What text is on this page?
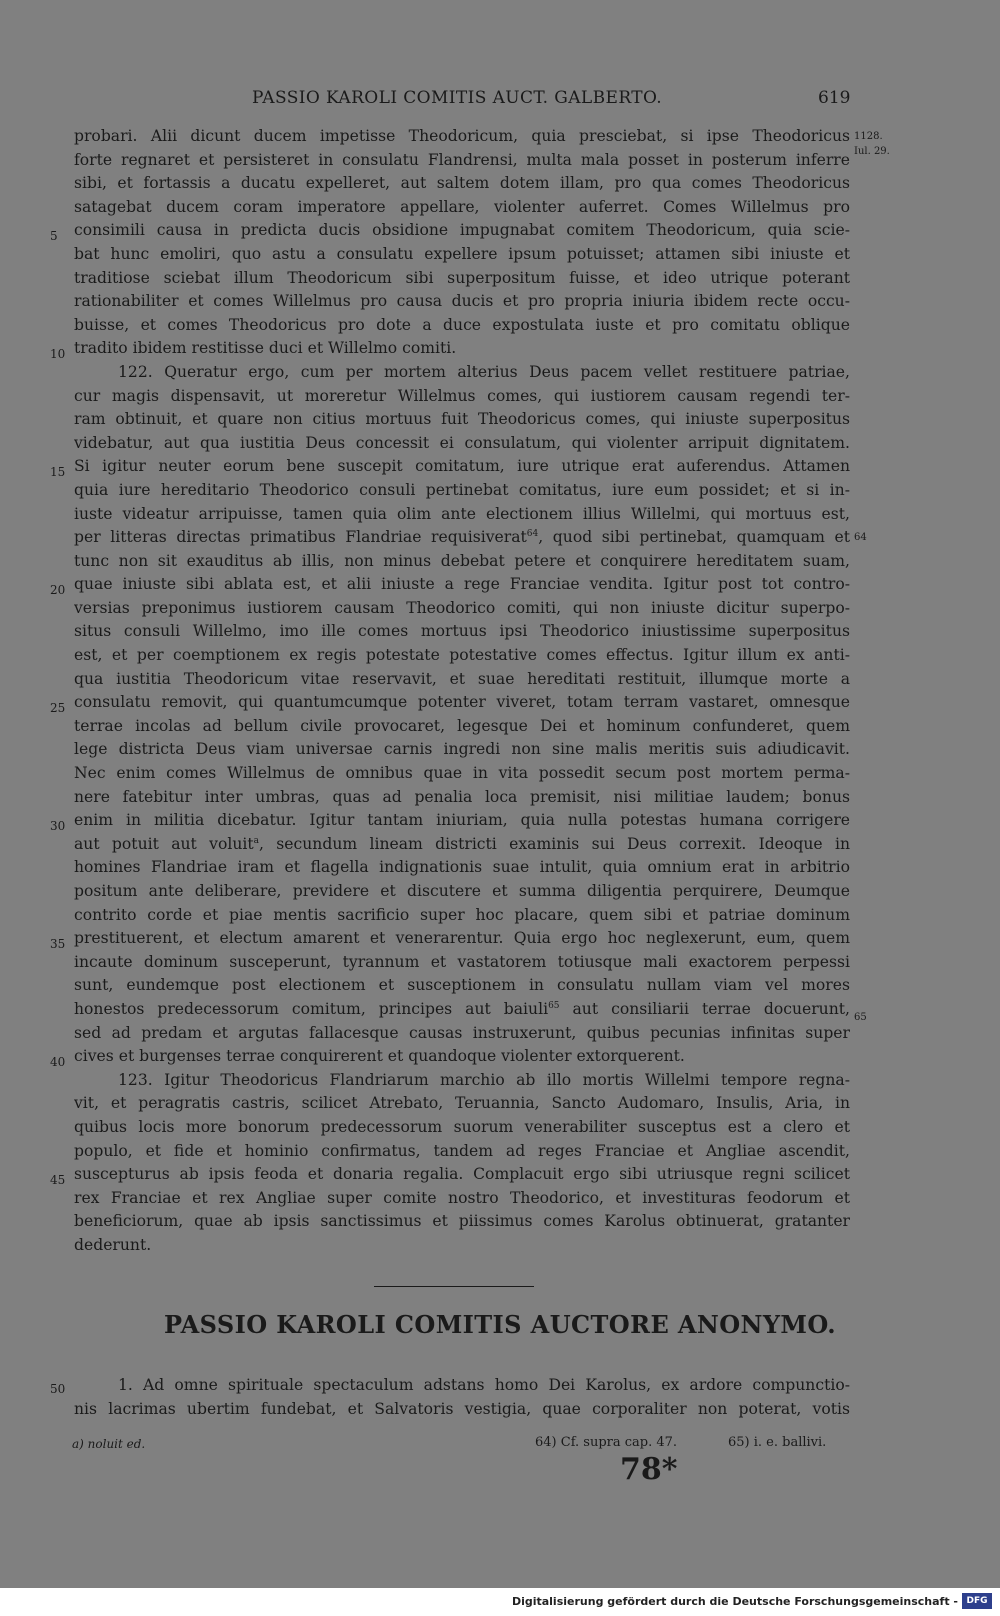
PASSIO KAROLI COMITIS AUCT. GALBERTO.	619
1128.
Iul. 29.
64
65
5
10
15
20
25
30
35
40
45
50
probari. Alii dicunt ducem impetisse Theodoricum, quia presciebat, si ipse Theodoricus
forte regnaret et persisteret in consulatu Flandrensi, multa mala posset in posterum inferre
sibi, et fortassis a ducatu expelleret, aut saltem dotem illam, pro qua comes Theodoricus
satagebat ducem coram imperatore appellare, violenter auferret. Comes Willelmus pro
consimili causa in predicta ducis obsidione impugnabat comitem Theodoricum, quia scie-
bat hunc emoliri, quo astu a consulatu expellere ipsum potuisset; attamen sibi iniuste et
traditiose sciebat illum Theodoricum sibi superpositum fuisse, et ideo utrique poterant
rationabiliter et comes Willelmus pro causa ducis et pro propria iniuria ibidem recte occu-
buisse, et comes Theodoricus pro dote a duce expostulata iuste et pro comitatu oblique
tradito ibidem restitisse duci et Willelmo comiti.
122. Queratur ergo, cum per mortem alterius Deus pacem vellet restituere patriae,
cur magis dispensavit, ut moreretur Willelmus comes, qui iustiorem causam regendi ter-
ram obtinuit, et quare non citius mortuus fuit Theodoricus comes, qui iniuste superpositus
videbatur, aut qua iustitia Deus concessit ei consulatum, qui violenter arripuit dignitatem.
Si igitur neuter eorum bene suscepit comitatum, iure utrique erat auferendus. Attamen
quia iure hereditario Theodorico consuli pertinebat comitatus, iure eum possidet; et si in-
iuste videatur arripuisse, tamen quia olim ante electionem illius Willelmi, qui mortuus est,
per litteras directas primatibus Flandriae requisiverat$^{64}$, quod sibi pertinebat, quamquam et
tunc non sit exauditus ab illis, non minus debebat petere et conquirere hereditatem suam,
quae iniuste sibi ablata est, et alii iniuste a rege Franciae vendita. Igitur post tot contro-
versias preponimus iustiorem causam Theodorico comiti, qui non iniuste dicitur superpo-
situs consuli Willelmo, imo ille comes mortuus ipsi Theodorico iniustissime superpositus
est, et per coemptionem ex regis potestate potestative comes effectus. Igitur illum ex anti-
qua iustitia Theodoricum vitae reservavit, et suae hereditati restituit, illumque morte a
consulatu removit, qui quantumcumque potenter viveret, totam terram vastaret, omnesque
terrae incolas ad bellum civile provocaret, legesque Dei et hominum confunderet, quem
lege districta Deus viam universae carnis ingredi non sine malis meritis suis adiudicavit.
Nec enim comes Willelmus de omnibus quae in vita possedit secum post mortem perma-
nere fatebitur inter umbras, quas ad penalia loca premisit, nisi militiae laudem; bonus
enim in militia dicebatur. Igitur tantam iniuriam, quia nulla potestas humana corrigere
aut potuit aut voluit$^a$, secundum lineam districti examinis sui Deus correxit. Ideoque in
homines Flandriae iram et flagella indignationis suae intulit, quia omnium erat in arbitrio
positum ante deliberare, previdere et discutere et summa diligentia perquirere, Deumque
contrito corde et piae mentis sacrificio super hoc placare, quem sibi et patriae dominum
prestituerent, et electum amarent et venerarentur. Quia ergo hoc neglexerunt, eum, quem
incaute dominum susceperunt, tyrannum et vastatorem totiusque mali exactorem perpessi
sunt, eundemque post electionem et susceptionem in consulatu nullam viam vel mores
honestos predecessorum comitum, principes aut baiuli$^{65}$ aut consiliarii terrae docuerunt,
sed ad predam et argutas fallacesque causas instruxerunt, quibus pecunias infinitas super
cives et burgenses terrae conquirerent et quandoque violenter extorquerent.
123. Igitur Theodoricus Flandriarum marchio ab illo mortis Willelmi tempore regna-
vit, et peragratis castris, scilicet Atrebato, Teruannia, Sancto Audomaro, Insulis, Aria, in
quibus locis more bonorum predecessorum suorum venerabiliter susceptus est a clero et
populo, et fide et hominio confirmatus, tandem ad reges Franciae et Angliae ascendit,
suscepturus ab ipsis feoda et donaria regalia. Complacuit ergo sibi utriusque regni scilicet
rex Franciae et rex Angliae super comite nostro Theodorico, et investituras feodorum et
beneficiorum, quae ab ipsis sanctissimus et piissimus comes Karolus obtinuerat, gratanter
dederunt.
PASSIO KAROLI COMITIS AUCTORE ANONYMO.
1. Ad omne spirituale spectaculum adstans homo Dei Karolus, ex ardore compunctio-
nis lacrimas ubertim fundebat, et Salvatoris vestigia, quae corporaliter non poterat, votis
a) noluit ed.	64) Cf. supra cap. 47.	65) i. e. ballivi.
78*
Digitalisierung gefördert durch die Deutsche Forschungsgemeinschaft - DFG
